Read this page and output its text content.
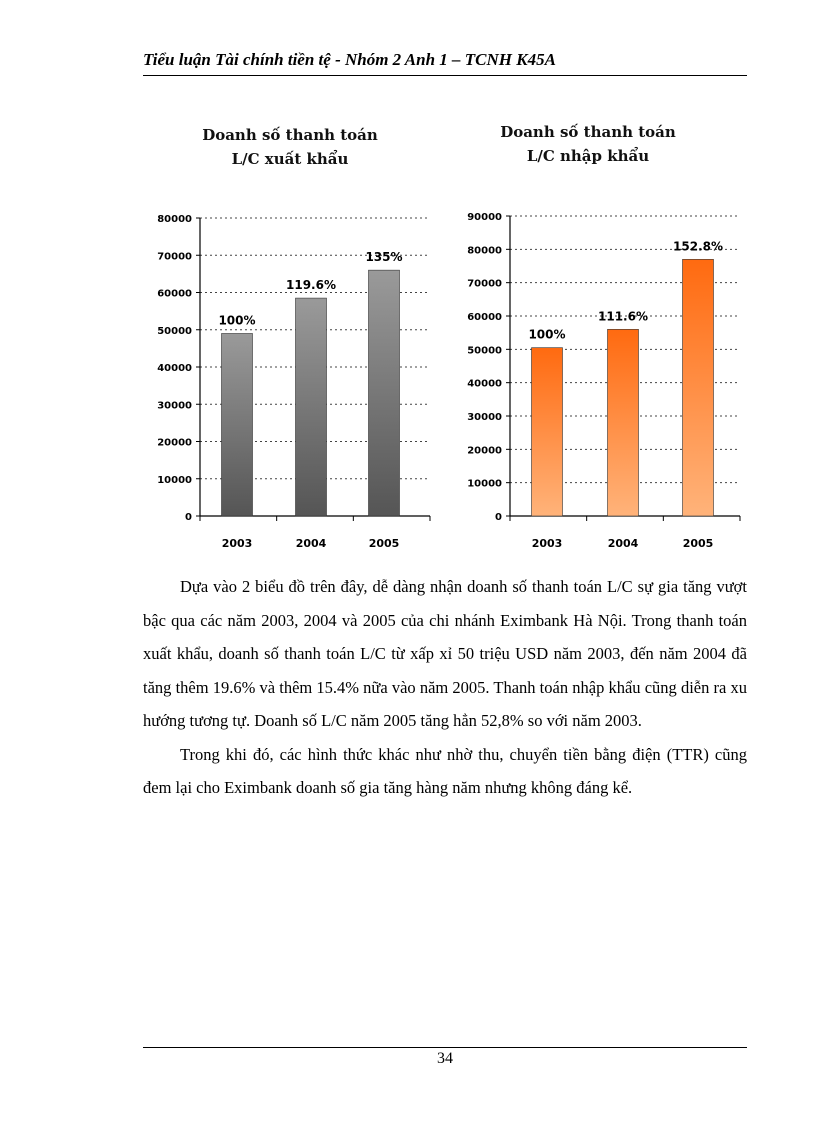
Tiểu luận Tài chính tiền tệ - Nhóm 2 Anh 1 – TCNH K45A
Doanh số thanh toán
L/C xuất khẩu
Doanh số thanh toán
L/C nhập khẩu
0
10000
20000
30000
40000
50000
60000
70000
80000
100%
2003
119.6%
2004
135%
2005
0
10000
20000
30000
40000
50000
60000
70000
80000
90000
100%
2003
111.6%
2004
152.8%
2005

Dựa vào 2 biểu đồ trên đây, dễ dàng nhận doanh số thanh toán L/C sự gia tăng vượt bậc qua các năm 2003, 2004 và 2005 của chi nhánh Eximbank Hà Nội. Trong thanh toán xuất khẩu, doanh số thanh toán L/C từ xấp xỉ 50 triệu USD năm 2003, đến năm 2004 đã tăng thêm 19.6% và thêm 15.4% nữa vào năm 2005. Thanh toán nhập khẩu cũng diễn ra xu hướng tương tự. Doanh số L/C năm 2005 tăng hẳn 52,8% so với năm 2003.

Trong khi đó, các hình thức khác như nhờ thu, chuyển tiền bằng điện (TTR) cũng đem lại cho Eximbank doanh số gia tăng hàng năm nhưng không đáng kể.

34
